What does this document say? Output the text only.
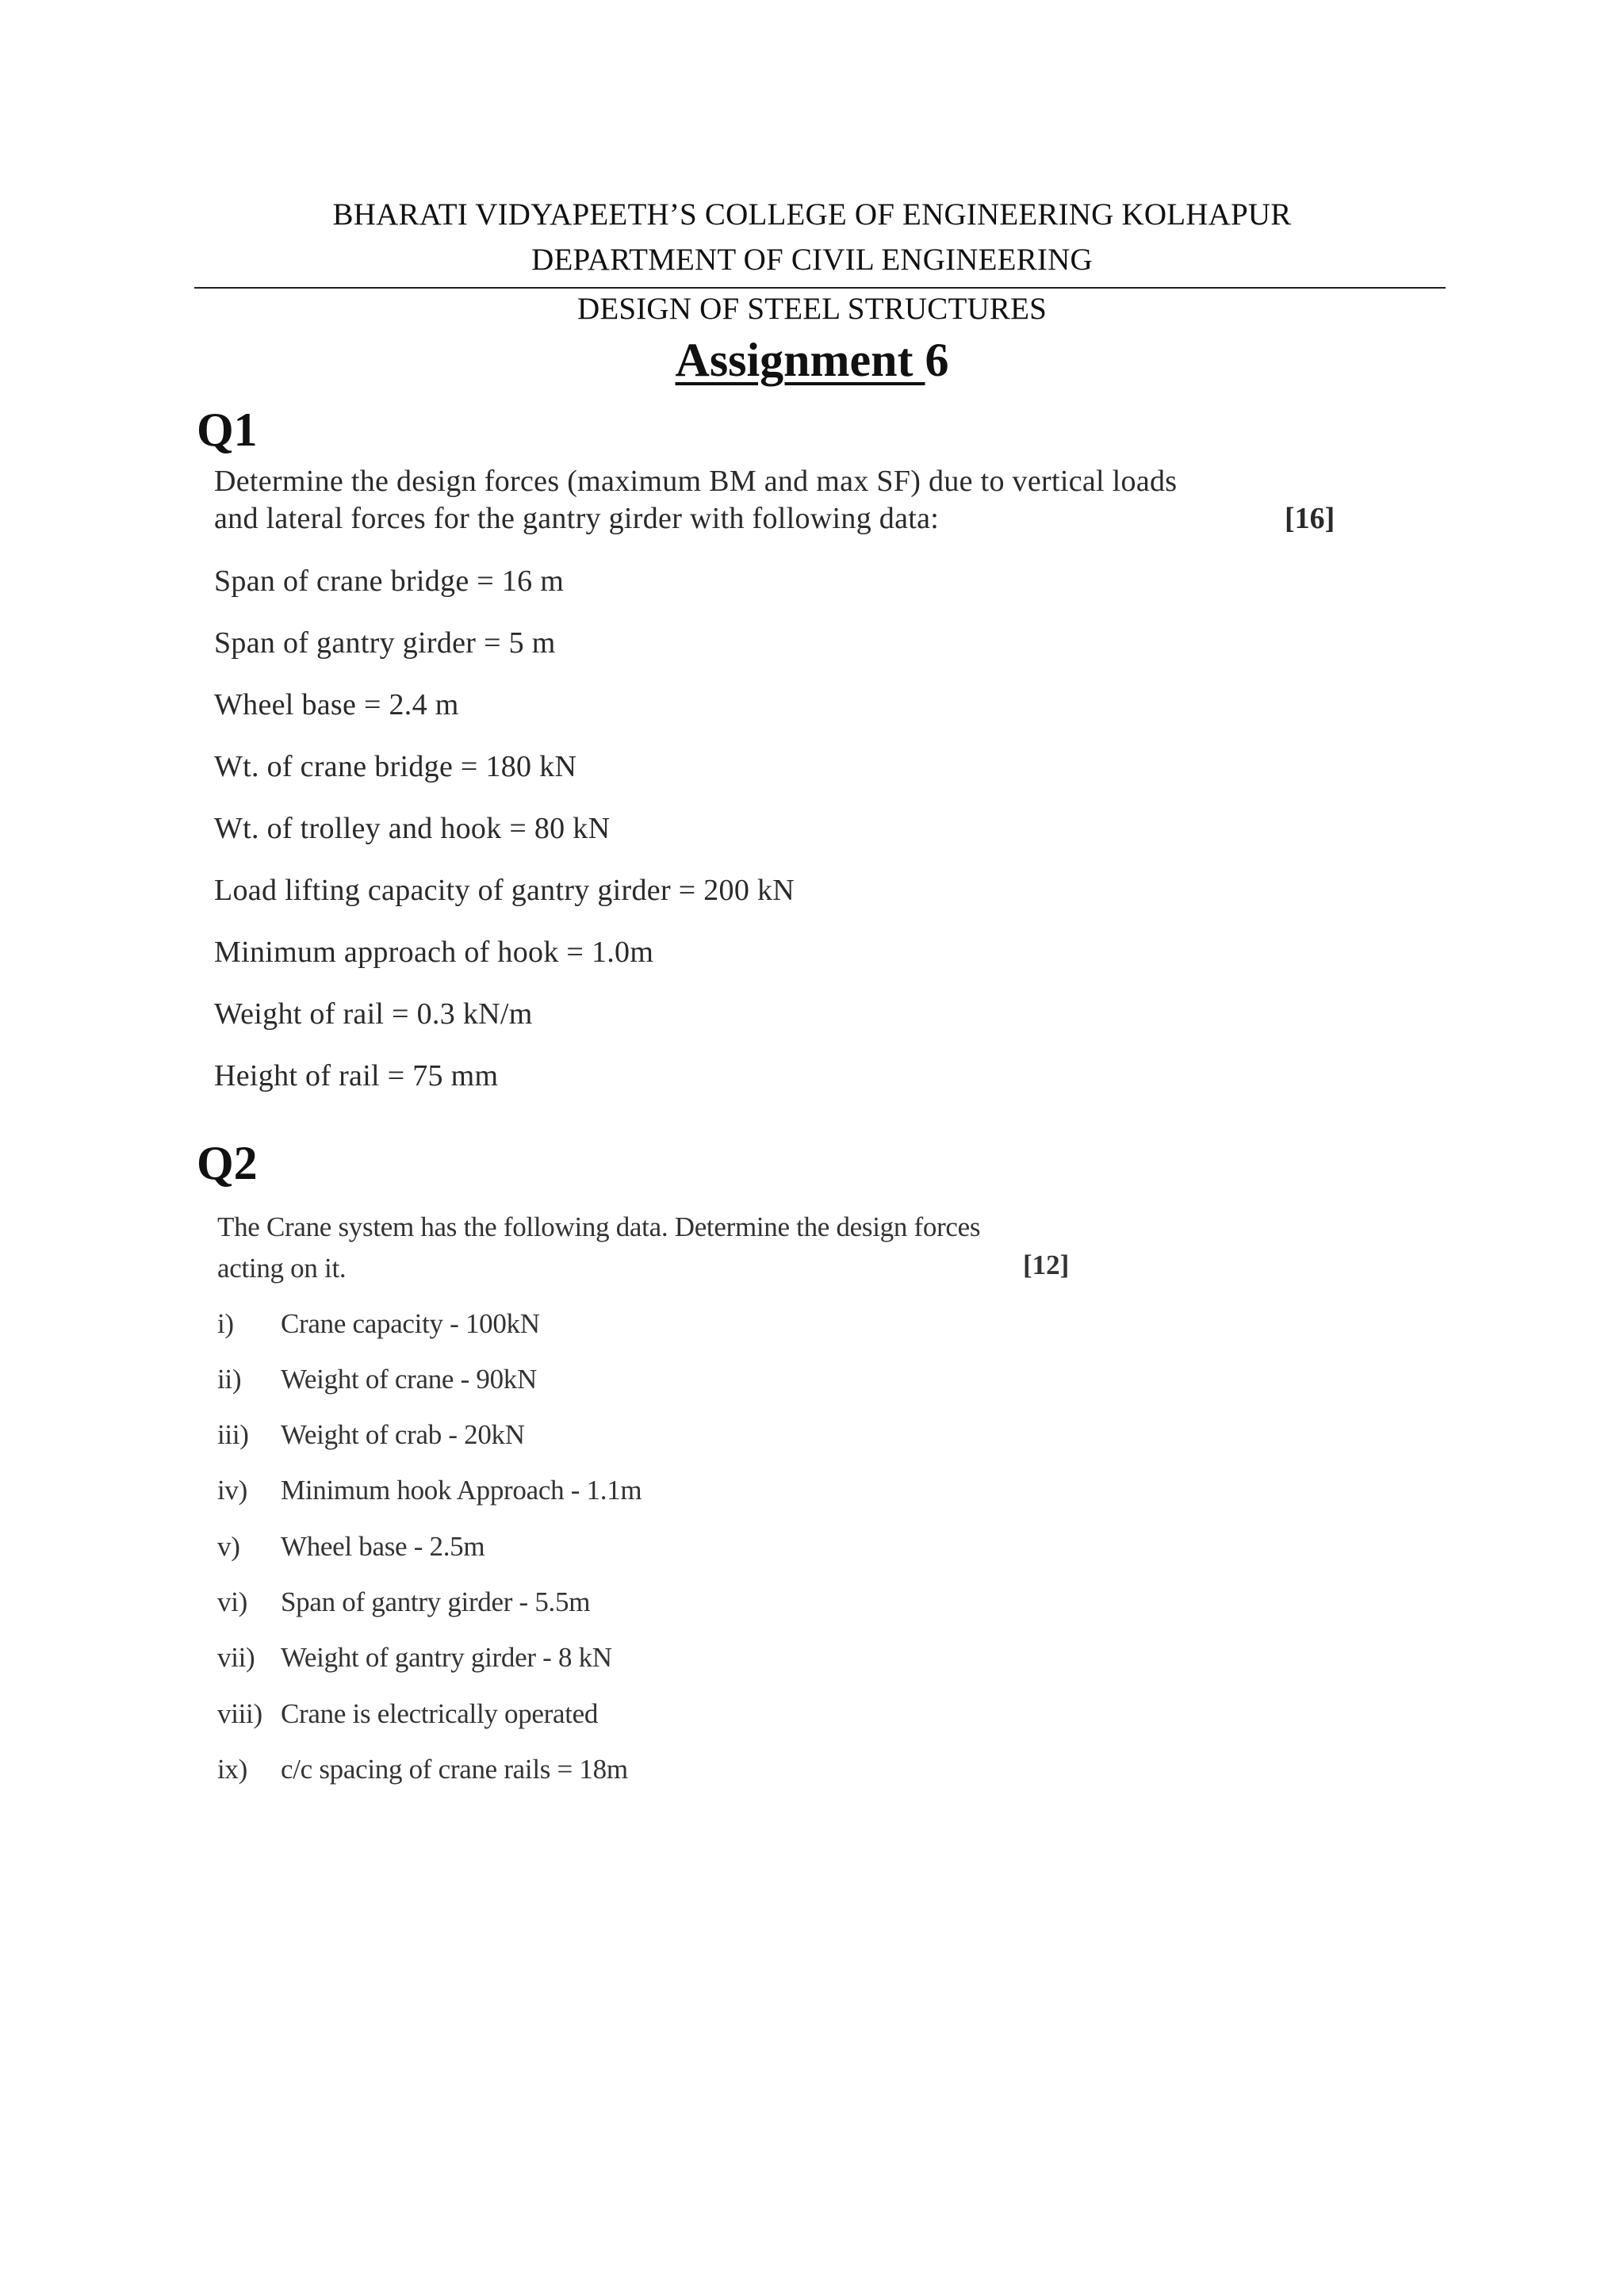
BHARATI VIDYAPEETH’S COLLEGE OF ENGINEERING KOLHAPUR
DEPARTMENT OF CIVIL ENGINEERING
DESIGN OF STEEL STRUCTURES
Assignment 6
Q1
Determine the design forces (maximum BM and max SF) due to vertical loads
and lateral forces for the gantry girder with following data:	[16]
Span of crane bridge = 16 m
Span of gantry girder = 5 m
Wheel base = 2.4 m
Wt. of crane bridge = 180 kN
Wt. of trolley and hook = 80 kN
Load lifting capacity of gantry girder = 200 kN
Minimum approach of hook = 1.0m
Weight of rail = 0.3 kN/m
Height of rail = 75 mm
Q2
The Crane system has the following data. Determine the design forces
acting on it.	[12]
i) Crane capacity - 100kN
ii) Weight of crane - 90kN
iii) Weight of crab - 20kN
iv) Minimum hook Approach - 1.1m
v) Wheel base - 2.5m
vi) Span of gantry girder - 5.5m
vii) Weight of gantry girder - 8 kN
viii) Crane is electrically operated
ix) c/c spacing of crane rails = 18m
